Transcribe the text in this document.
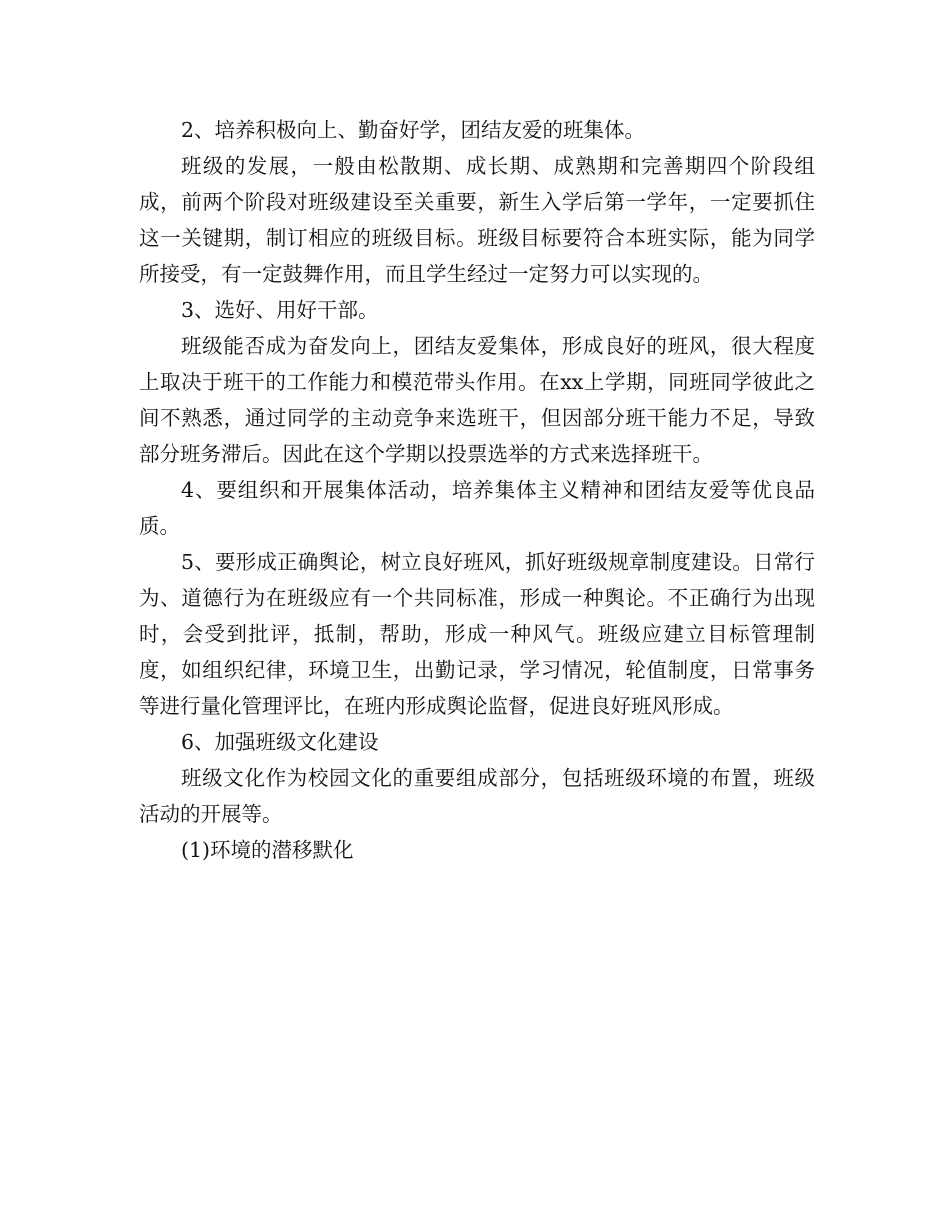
2、培养积极向上、勤奋好学，团结友爱的班集体。

班级的发展，一般由松散期、成长期、成熟期和完善期四个阶段组成，前两个阶段对班级建设至关重要，新生入学后第一学年，一定要抓住这一关键期，制订相应的班级目标。班级目标要符合本班实际，能为同学所接受，有一定鼓舞作用，而且学生经过一定努力可以实现的。

3、选好、用好干部。

班级能否成为奋发向上，团结友爱集体，形成良好的班风，很大程度上取决于班干的工作能力和模范带头作用。在xx上学期，同班同学彼此之间不熟悉，通过同学的主动竞争来选班干，但因部分班干能力不足，导致部分班务滞后。因此在这个学期以投票选举的方式来选择班干。

4、要组织和开展集体活动，培养集体主义精神和团结友爱等优良品质。

5、要形成正确舆论，树立良好班风，抓好班级规章制度建设。日常行为、道德行为在班级应有一个共同标准，形成一种舆论。不正确行为出现时，会受到批评，抵制，帮助，形成一种风气。班级应建立目标管理制度，如组织纪律，环境卫生，出勤记录，学习情况，轮值制度，日常事务等进行量化管理评比，在班内形成舆论监督，促进良好班风形成。

6、加强班级文化建设

班级文化作为校园文化的重要组成部分，包括班级环境的布置，班级活动的开展等。

(1)环境的潜移默化
